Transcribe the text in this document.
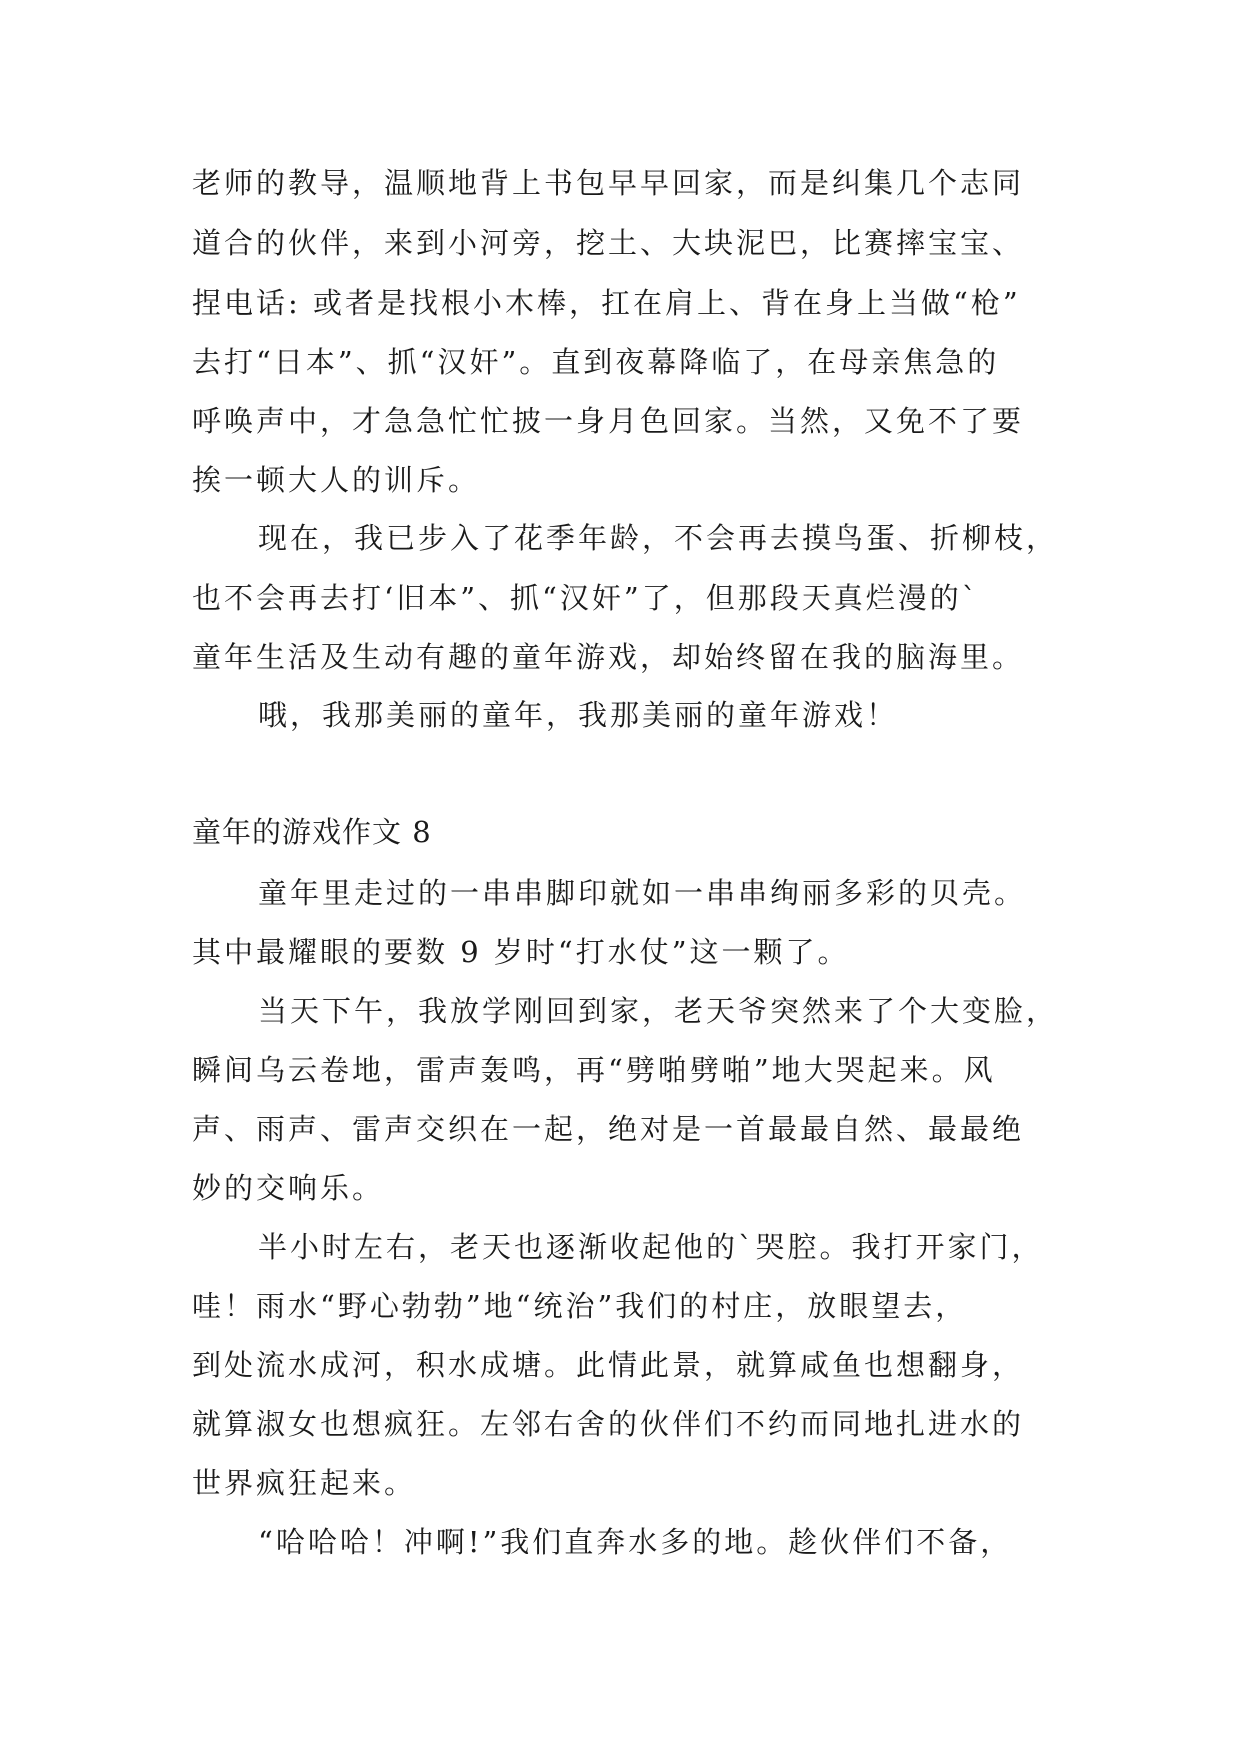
老师的教导，温顺地背上书包早早回家，而是纠集几个志同
道合的伙伴，来到小河旁，挖土、大块泥巴，比赛摔宝宝、
捏电话: 或者是找根小木棒，扛在肩上、背在身上当做“枪”
去打“日本”、抓“汉奸”。直到夜幕降临了，在母亲焦急的
呼唤声中，才急急忙忙披一身月色回家。当然，又免不了要
挨一顿大人的训斥。
现在，我已步入了花季年龄，不会再去摸鸟蛋、折柳枝，
也不会再去打‘旧本”、抓“汉奸”了，但那段天真烂漫的`
童年生活及生动有趣的童年游戏，却始终留在我的脑海里。
哦，我那美丽的童年，我那美丽的童年游戏！
童年的游戏作文 8
童年里走过的一串串脚印就如一串串绚丽多彩的贝壳。
其中最耀眼的要数 9 岁时“打水仗”这一颗了。
当天下午，我放学刚回到家，老天爷突然来了个大变脸，
瞬间乌云卷地，雷声轰鸣，再“劈啪劈啪”地大哭起来。风
声、雨声、雷声交织在一起，绝对是一首最最自然、最最绝
妙的交响乐。
半小时左右，老天也逐渐收起他的`哭腔。我打开家门，
哇！雨水“野心勃勃”地“统治”我们的村庄，放眼望去，
到处流水成河，积水成塘。此情此景，就算咸鱼也想翻身，
就算淑女也想疯狂。左邻右舍的伙伴们不约而同地扎进水的
世界疯狂起来。
“哈哈哈！冲啊!”我们直奔水多的地。趁伙伴们不备，
